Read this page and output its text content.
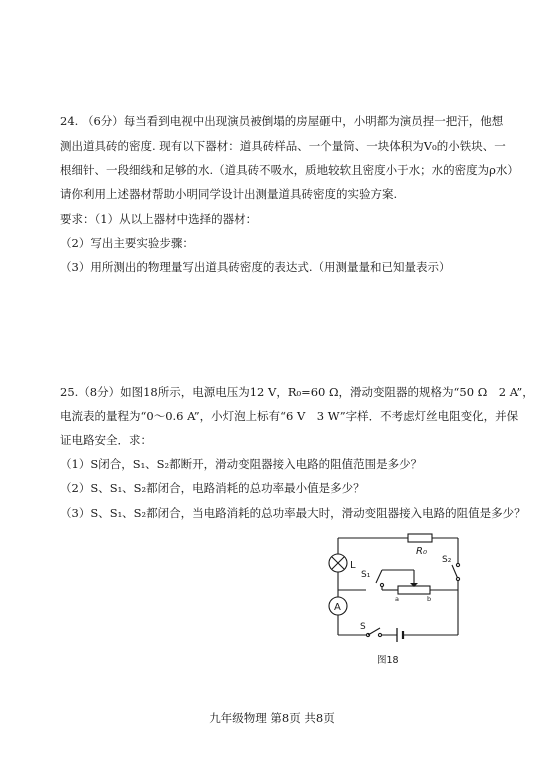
24. （6分）每当看到电视中出现演员被倒塌的房屋砸中，小明都为演员捏一把汗，他想
测出道具砖的密度. 现有以下器材：道具砖样品、一个量筒、一块体积为V₀的小铁块、一
根细针、一段细线和足够的水.（道具砖不吸水，质地较软且密度小于水；水的密度为ρ水）
请你利用上述器材帮助小明同学设计出测量道具砖密度的实验方案.
要求：（1）从以上器材中选择的器材：
（2）写出主要实验步骤：
（3）用所测出的物理量写出道具砖密度的表达式.（用测量量和已知量表示）
25.（8分）如图18所示，电源电压为12 V，R₀=60 Ω，滑动变阻器的规格为“50 Ω　2 A”，
电流表的量程为“0～0.6 A”，小灯泡上标有“6 V　3 W”字样．不考虑灯丝电阻变化，并保
证电路安全．求：
（1）S闭合，S₁、S₂都断开，滑动变阻器接入电路的阻值范围是多少？
（2）S、S₁、S₂都闭合，电路消耗的总功率最小值是多少？
（3）S、S₁、S₂都闭合，当电路消耗的总功率最大时，滑动变阻器接入电路的阻值是多少？
L
A
R₀
S₂
S₁
S
a	b
图18
九年级物理 第8页 共8页
